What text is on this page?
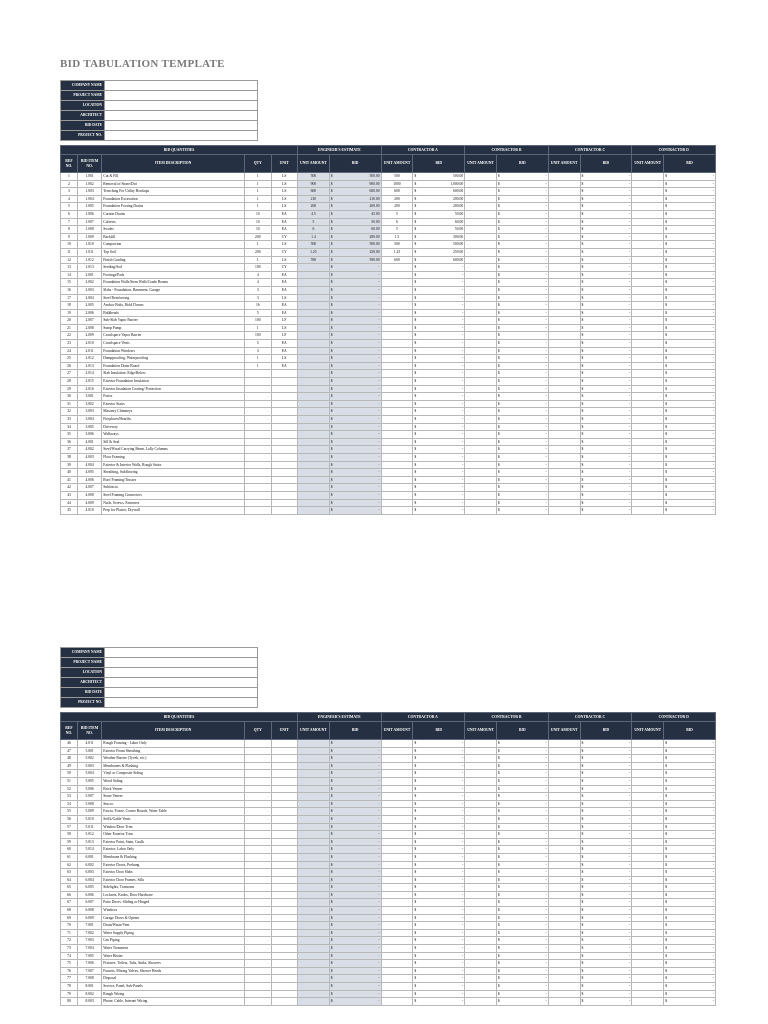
BID TABULATION TEMPLATE
COMPANY NAME	
PROJECT NAME	
LOCATION	
ARCHITECT	
BID DATE	
PROJECT NO.	
BID QUANTITIES					ENGINEER'S ESTIMATE		CONTRACTOR A		CONTRACTOR B		CONTRACTOR C		CONTRACTOR D	
REF NO.	BID ITEM NO.	ITEM DESCRIPTION	QTY	UNIT	UNIT AMOUNT	BID	UNIT AMOUNT	BID	UNIT AMOUNT	BID	UNIT AMOUNT	BID	UNIT AMOUNT	BID
1	1.001	Cut & Fill	1	LS	500	$ 500.00	500	$ 500.00		$ -		$ -		$ -

2	1.002	Removal of Stone/Dirt	1	LS	900	$ 900.00	1000	$ 1,000.00		$ -		$ -		$ -

3	1.003	Trenching For Utility Hookups	1	LS	600	$ 600.00	600	$ 600.00		$ -		$ -		$ -

4	1.004	Foundation Excavation	1	LS	210	$ 210.00	200	$ 200.00		$ -		$ -		$ -

5	1.005	Foundation Footing Drains	1	LS	200	$ 200.00	200	$ 200.00		$ -		$ -		$ -

6	1.006	Curtain Drains	10	EA	4.5	$ 45.00	5	$ 50.00		$ -		$ -		$ -

7	1.007	Culverts	10	EA	5	$ 50.00	6	$ 60.00		$ -		$ -		$ -

8	1.008	Swales	10	EA	6	$ 60.00	5	$ 50.00		$ -		$ -		$ -

9	1.009	Backfill	200	CY	1.4	$ 280.00	1.5	$ 300.00		$ -		$ -		$ -

10	1.010	Compaction	1	LS	500	$ 500.00	500	$ 500.00		$ -		$ -		$ -

11	1.011	Top Soil	200	CY	1.25	$ 250.00	1.25	$ 250.00		$ -		$ -		$ -

12	1.012	Finish Grading	1	LS	590	$ 590.00	600	$ 600.00		$ -		$ -		$ -

13	1.013	Seeding/Sod	100	CY		$ -		$ -		$ -		$ -		$ -

14	2.001	Footings/Pads	4	EA		$ -		$ -		$ -		$ -		$ -

15	2.002	Foundation Walls/Stem Walls/Grade Beams	4	EA		$ -		$ -		$ -		$ -		$ -

16	2.003	Slabs - Foundation, Basement, Garage	3	EA		$ -		$ -		$ -		$ -		$ -

17	2.004	Steel Reinforcing	3	LS		$ -		$ -		$ -		$ -		$ -

18	2.005	Anchor Bolts, Hold Downs	16	EA		$ -		$ -		$ -		$ -		$ -

19	2.006	Bulkheads	5	EA		$ -		$ -		$ -		$ -		$ -

20	2.007	Sub-Slab Vapor Barrier	100	LF		$ -		$ -		$ -		$ -		$ -

21	2.008	Sump Pump	1	LS		$ -		$ -		$ -		$ -		$ -

22	2.009	Crawlspace Vapor Barrier	100	LF		$ -		$ -		$ -		$ -		$ -

23	2.010	Crawlspace Vents	5	EA		$ -		$ -		$ -		$ -		$ -

24	2.011	Foundation Windows	3	EA		$ -		$ -		$ -		$ -		$ -

25	2.012	Dampproofing, Waterproofing	1	LS		$ -		$ -		$ -		$ -		$ -

26	2.013	Foundation Drain Board	1	EA		$ -		$ -		$ -		$ -		$ -

27	2.014	Slab Insulation: Edge/Below				$ -		$ -		$ -		$ -		$ -

28	2.015	Exterior Foundation Insulation				$ -		$ -		$ -		$ -		$ -

29	2.016	Exterior Insulation Coating/ Protection				$ -		$ -		$ -		$ -		$ -

30	3.001	Patios				$ -		$ -		$ -		$ -		$ -

31	3.002	Exterior Stairs				$ -		$ -		$ -		$ -		$ -

32	3.003	Masonry Chimneys				$ -		$ -		$ -		$ -		$ -

33	3.004	Fireplaces/Hearths				$ -		$ -		$ -		$ -		$ -

34	3.005	Driveway				$ -		$ -		$ -		$ -		$ -

35	3.006	Walkways				$ -		$ -		$ -		$ -		$ -

36	4.001	Sill & Seal				$ -		$ -		$ -		$ -		$ -

37	4.002	Steel/Wood Carrying Beam, Lally Columns				$ -		$ -		$ -		$ -		$ -

38	4.003	Floor Framing				$ -		$ -		$ -		$ -		$ -

39	4.004	Exterior & Interior Walls, Rough Stairs				$ -		$ -		$ -		$ -		$ -

40	4.005	Sheathing, Subflooring				$ -		$ -		$ -		$ -		$ -

41	4.006	Roof Framing/Trusses				$ -		$ -		$ -		$ -		$ -

42	4.007	Subfascia				$ -		$ -		$ -		$ -		$ -

43	4.008	Steel Framing Connectors				$ -		$ -		$ -		$ -		$ -

44	4.009	Nails, Screws, Fasteners				$ -		$ -		$ -		$ -		$ -

45	4.010	Prep for Plaster, Drywall				$ -		$ -		$ -		$ -		$ -
COMPANY NAME	
PROJECT NAME	
LOCATION	
ARCHITECT	
BID DATE	
PROJECT NO.	
BID QUANTITIES					ENGINEER'S ESTIMATE		CONTRACTOR A		CONTRACTOR B		CONTRACTOR C		CONTRACTOR D	
REF NO.	BID ITEM NO.	ITEM DESCRIPTION	QTY	UNIT	UNIT AMOUNT	BID	UNIT AMOUNT	BID	UNIT AMOUNT	BID	UNIT AMOUNT	BID	UNIT AMOUNT	BID
46	4.011	Rough Framing - Labor Only				$ -		$ -		$ -		$ -		$ -

47	5.001	Exterior Foam Sheathing				$ -		$ -		$ -		$ -		$ -

48	5.002	Weather Barrier (Tyvek, etc.)				$ -		$ -		$ -		$ -		$ -

49	5.003	Membranes & Flashing				$ -		$ -		$ -		$ -		$ -

50	5.004	Vinyl or Composite Siding				$ -		$ -		$ -		$ -		$ -

51	5.005	Wood Siding				$ -		$ -		$ -		$ -		$ -

52	5.006	Brick Veneer				$ -		$ -		$ -		$ -		$ -

53	5.007	Stone Veneer				$ -		$ -		$ -		$ -		$ -

54	5.008	Stucco				$ -		$ -		$ -		$ -		$ -

55	5.009	Fascia, Frieze, Corner Boards, Water Table				$ -		$ -		$ -		$ -		$ -

56	5.010	Soffit/Gable Vents				$ -		$ -		$ -		$ -		$ -

57	5.011	Window/Door Trim				$ -		$ -		$ -		$ -		$ -

58	5.012	Other Exterior Trim				$ -		$ -		$ -		$ -		$ -

59	5.013	Exterior Paint, Stain, Caulk				$ -		$ -		$ -		$ -		$ -

60	5.014	Exterior, Labor Only				$ -		$ -		$ -		$ -		$ -

61	6.001	Membrane & Flashing				$ -		$ -		$ -		$ -		$ -

62	6.002	Exterior Doors, Prehung				$ -		$ -		$ -		$ -		$ -

63	6.003	Exterior Door Slabs				$ -		$ -		$ -		$ -		$ -

64	6.004	Exterior Door Frames, Sills				$ -		$ -		$ -		$ -		$ -

65	6.005	Sidelights, Transoms				$ -		$ -		$ -		$ -		$ -

66	6.006	Locksets, Knobs, Door Hardware				$ -		$ -		$ -		$ -		$ -

67	6.007	Patio Doors: Sliding or Hinged				$ -		$ -		$ -		$ -		$ -

68	6.008	Windows				$ -		$ -		$ -		$ -		$ -

69	6.009	Garage Doors & Opener				$ -		$ -		$ -		$ -		$ -

70	7.001	Drain/Waste/Vent				$ -		$ -		$ -		$ -		$ -

71	7.002	Water Supply Piping				$ -		$ -		$ -		$ -		$ -

72	7.003	Gas Piping				$ -		$ -		$ -		$ -		$ -

73	7.004	Water Treatment				$ -		$ -		$ -		$ -		$ -

74	7.005	Water Heater				$ -		$ -		$ -		$ -		$ -

75	7.006	Fixtures: Toilets, Tubs, Sinks, Showers				$ -		$ -		$ -		$ -		$ -

76	7.007	Faucets, Mixing Valves, Shower Heads				$ -		$ -		$ -		$ -		$ -

77	7.008	Disposal				$ -		$ -		$ -		$ -		$ -

78	8.001	Service, Panel, Sub-Panels				$ -		$ -		$ -		$ -		$ -

79	8.002	Rough Wiring				$ -		$ -		$ -		$ -		$ -

80	8.003	Phone, Cable, Internet Wiring				$ -		$ -		$ -		$ -		$ -
